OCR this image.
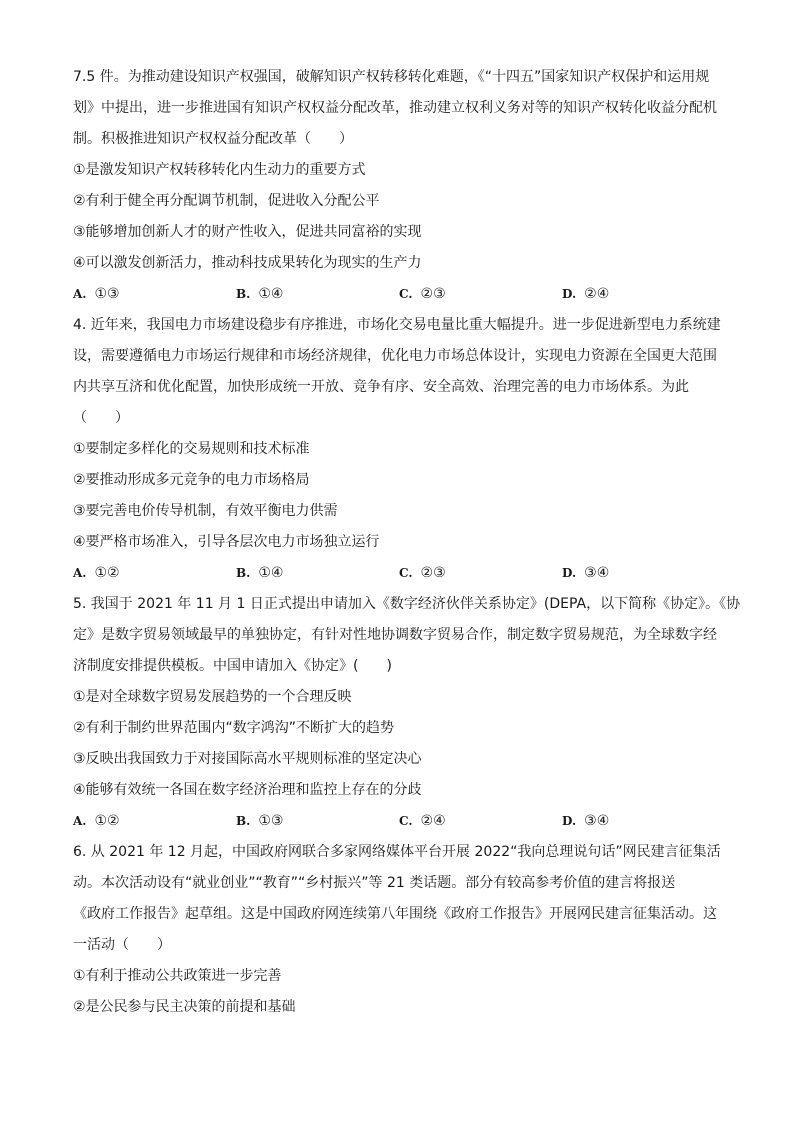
7.5 件。为推动建设知识产权强国，破解知识产权转移转化难题，《“十四五”国家知识产权保护和运用规
划》中提出，进一步推进国有知识产权权益分配改革，推动建立权利义务对等的知识产权转化收益分配机
制。积极推进知识产权权益分配改革（　　）

①是激发知识产权转移转化内生动力的重要方式
②有利于健全再分配调节机制，促进收入分配公平
③能够增加创新人才的财产性收入，促进共同富裕的实现
④可以激发创新活力，推动科技成果转化为现实的生产力
A. ①③	B. ①④	C. ②③	D. ②④

4. 近年来，我国电力市场建设稳步有序推进，市场化交易电量比重大幅提升。进一步促进新型电力系统建
设，需要遵循电力市场运行规律和市场经济规律，优化电力市场总体设计，实现电力资源在全国更大范围
内共享互济和优化配置，加快形成统一开放、竞争有序、安全高效、治理完善的电力市场体系。为此
（　　）

①要制定多样化的交易规则和技术标准
②要推动形成多元竞争的电力市场格局
③要完善电价传导机制，有效平衡电力供需
④要严格市场准入，引导各层次电力市场独立运行
A. ①②	B. ①④	C. ②③	D. ③④

5. 我国于 2021 年 11 月 1 日正式提出申请加入《数字经济伙伴关系协定》(DEPA，以下简称《协定》。《协
定》是数字贸易领域最早的单独协定，有针对性地协调数字贸易合作，制定数字贸易规范，为全球数字经
济制度安排提供模板。中国申请加入《协定》(　　)

①是对全球数字贸易发展趋势的一个合理反映
②有利于制约世界范围内“数字鸿沟”不断扩大的趋势
③反映出我国致力于对接国际高水平规则标准的坚定决心
④能够有效统一各国在数字经济治理和监控上存在的分歧
A. ①②	B. ①③	C. ②④	D. ③④

6. 从 2021 年 12 月起，中国政府网联合多家网络媒体平台开展 2022“我向总理说句话”网民建言征集活
动。本次活动设有“就业创业”“教育”“乡村振兴”等 21 类话题。部分有较高参考价值的建言将报送
《政府工作报告》起草组。这是中国政府网连续第八年围绕《政府工作报告》开展网民建言征集活动。这
一活动（　　）

①有利于推动公共政策进一步完善
②是公民参与民主决策的前提和基础
